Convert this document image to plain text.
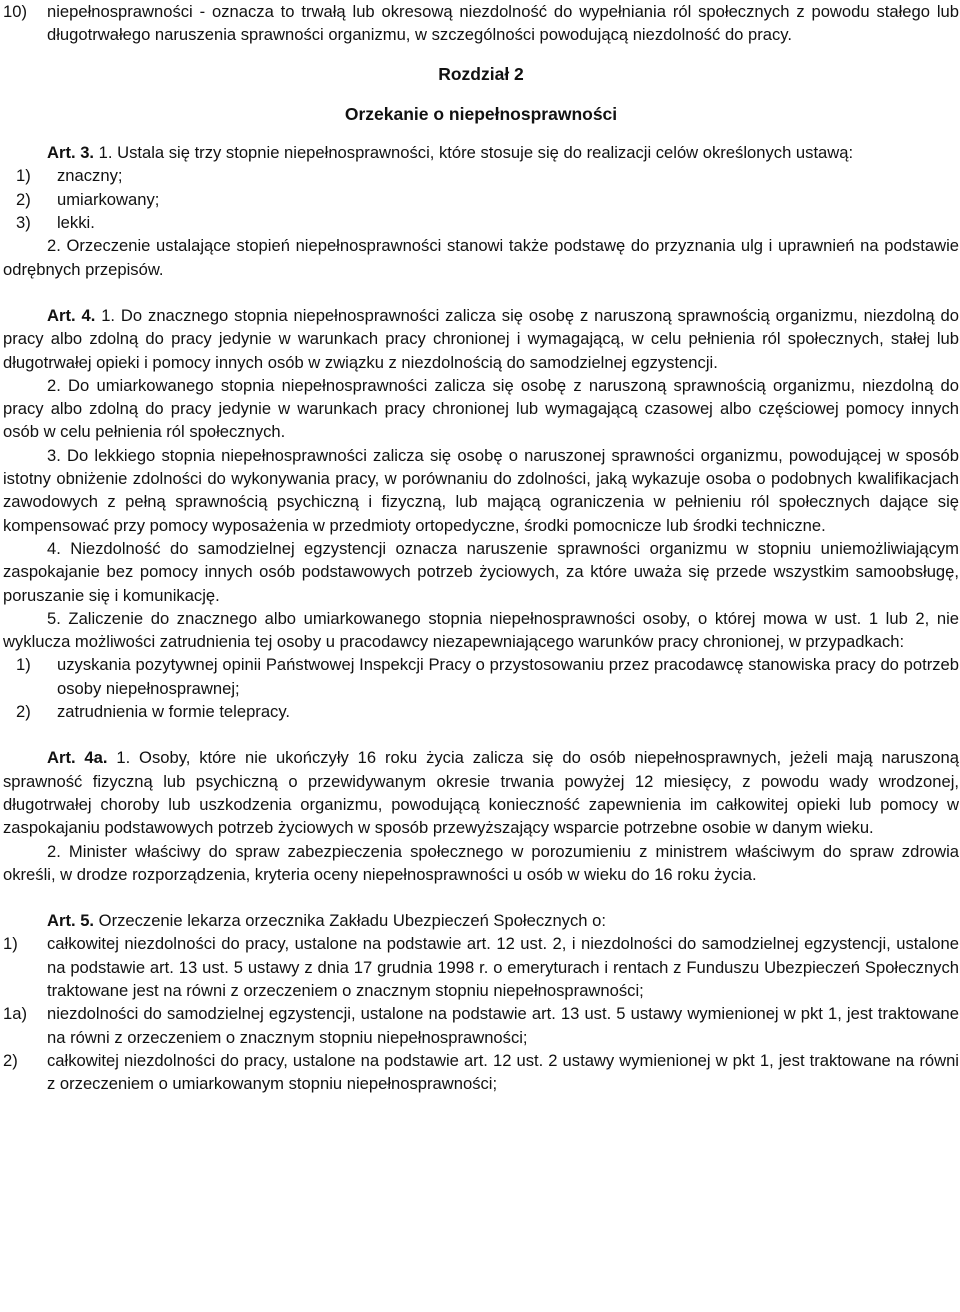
10)	niepełnosprawności - oznacza to trwałą lub okresową niezdolność do wypełniania ról społecznych z powodu stałego lub długotrwałego naruszenia sprawności organizmu, w szczególności powodującą niezdolność do pracy.

Rozdział 2

Orzekanie o niepełnosprawności

Art. 3. 1. Ustala się trzy stopnie niepełnosprawności, które stosuje się do realizacji celów określonych ustawą:

1)	znaczny;
2)	umiarkowany;
3)	lekki.

2. Orzeczenie ustalające stopień niepełnosprawności stanowi także podstawę do przyznania ulg i uprawnień na podstawie odrębnych przepisów.

Art. 4. 1. Do znacznego stopnia niepełnosprawności zalicza się osobę z naruszoną sprawnością organizmu, niezdolną do pracy albo zdolną do pracy jedynie w warunkach pracy chronionej i wymagającą, w celu pełnienia ról społecznych, stałej lub długotrwałej opieki i pomocy innych osób w związku z niezdolnością do samodzielnej egzystencji.

2. Do umiarkowanego stopnia niepełnosprawności zalicza się osobę z naruszoną sprawnością organizmu, niezdolną do pracy albo zdolną do pracy jedynie w warunkach pracy chronionej lub wymagającą czasowej albo częściowej pomocy innych osób w celu pełnienia ról społecznych.

3. Do lekkiego stopnia niepełnosprawności zalicza się osobę o naruszonej sprawności organizmu, powodującej w sposób istotny obniżenie zdolności do wykonywania pracy, w porównaniu do zdolności, jaką wykazuje osoba o podobnych kwalifikacjach zawodowych z pełną sprawnością psychiczną i fizyczną, lub mającą ograniczenia w pełnieniu ról społecznych dające się kompensować przy pomocy wyposażenia w przedmioty ortopedyczne, środki pomocnicze lub środki techniczne.

4. Niezdolność do samodzielnej egzystencji oznacza naruszenie sprawności organizmu w stopniu uniemożliwiającym zaspokajanie bez pomocy innych osób podstawowych potrzeb życiowych, za które uważa się przede wszystkim samoobsługę, poruszanie się i komunikację.

5. Zaliczenie do znacznego albo umiarkowanego stopnia niepełnosprawności osoby, o której mowa w ust. 1 lub 2, nie wyklucza możliwości zatrudnienia tej osoby u pracodawcy niezapewniającego warunków pracy chronionej, w przypadkach:

1)	uzyskania pozytywnej opinii Państwowej Inspekcji Pracy o przystosowaniu przez pracodawcę stanowiska pracy do potrzeb osoby niepełnosprawnej;
2)	zatrudnienia w formie telepracy.

Art. 4a. 1. Osoby, które nie ukończyły 16 roku życia zalicza się do osób niepełnosprawnych, jeżeli mają naruszoną sprawność fizyczną lub psychiczną o przewidywanym okresie trwania powyżej 12 miesięcy, z powodu wady wrodzonej, długotrwałej choroby lub uszkodzenia organizmu, powodującą konieczność zapewnienia im całkowitej opieki lub pomocy w zaspokajaniu podstawowych potrzeb życiowych w sposób przewyższający wsparcie potrzebne osobie w danym wieku.

2. Minister właściwy do spraw zabezpieczenia społecznego w porozumieniu z ministrem właściwym do spraw zdrowia określi, w drodze rozporządzenia, kryteria oceny niepełnosprawności u osób w wieku do 16 roku życia.

Art. 5. Orzeczenie lekarza orzecznika Zakładu Ubezpieczeń Społecznych o:

1)	całkowitej niezdolności do pracy, ustalone na podstawie art. 12 ust. 2, i niezdolności do samodzielnej egzystencji, ustalone na podstawie art. 13 ust. 5 ustawy z dnia 17 grudnia 1998 r. o emeryturach i rentach z Funduszu Ubezpieczeń Społecznych traktowane jest na równi z orzeczeniem o znacznym stopniu niepełnosprawności;
1a)	niezdolności do samodzielnej egzystencji, ustalone na podstawie art. 13 ust. 5 ustawy wymienionej w pkt 1, jest traktowane na równi z orzeczeniem o znacznym stopniu niepełnosprawności;
2)	całkowitej niezdolności do pracy, ustalone na podstawie art. 12 ust. 2 ustawy wymienionej w pkt 1, jest traktowane na równi z orzeczeniem o umiarkowanym stopniu niepełnosprawności;
